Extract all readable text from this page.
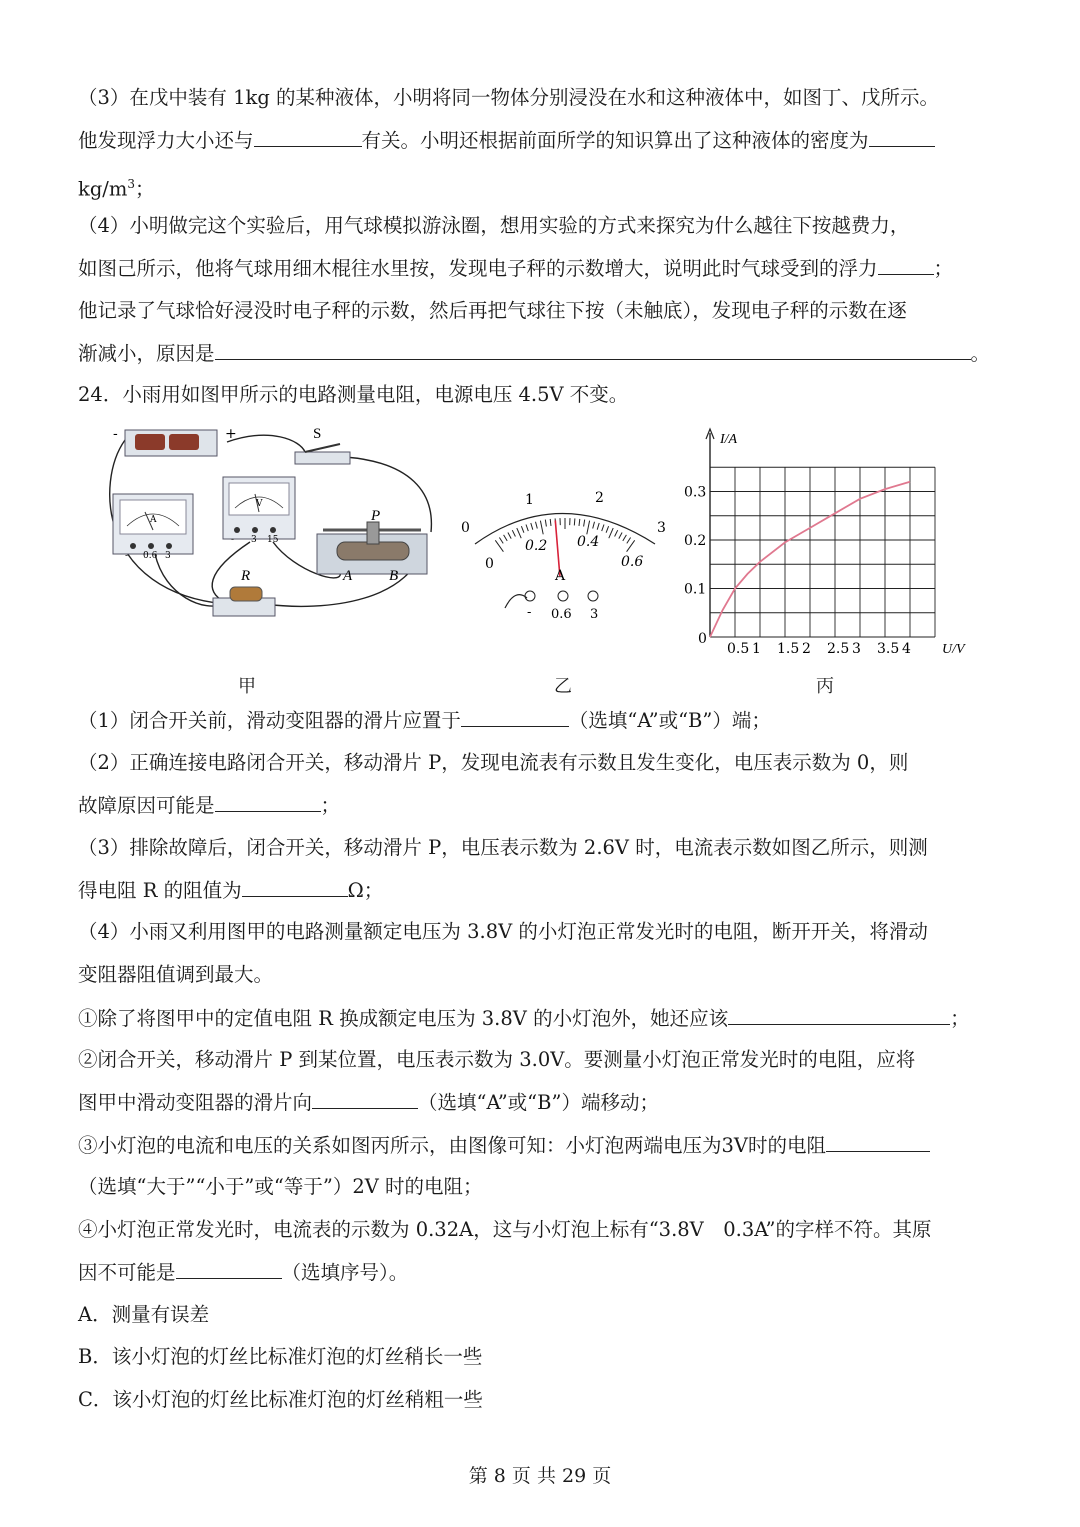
（3）在戊中装有 1kg 的某种液体，小明将同一物体分别浸没在水和这种液体中，如图丁、戊所示。
他发现浮力大小还与	有关。小明还根据前面所学的知识算出了这种液体的密度为
$kg/m^3$；
（4）小明做完这个实验后，用气球模拟游泳圈，想用实验的方式来探究为什么越往下按越费力，
如图己所示，他将气球用细木棍往水里按，发现电子秤的示数增大，说明此时气球受到的浮力	；
他记录了气球恰好浸没时电子秤的示数，然后再把气球往下按（未触底），发现电子秤的示数在逐
渐减小，原因是	。
24．小雨用如图甲所示的电路测量电阻，电源电压 4.5V 不变。
-	+	S
A
- 0.6 3
V
- 3 15
P
A B
R
甲
0
1	2
3
0
0.2 0.4
0.6
A
- 0.6 3
乙
I/A
U/V
0
0.5 1 1.5 2 2.5 3 3.5 4
0.1
0.2
0.3
丙
（1）闭合开关前，滑动变阻器的滑片应置于	（选填“A”或“B”）端；
（2）正确连接电路闭合开关，移动滑片 P，发现电流表有示数且发生变化，电压表示数为 0，则
故障原因可能是	；
（3）排除故障后，闭合开关，移动滑片 P，电压表示数为 2.6V 时，电流表示数如图乙所示，则测
得电阻 R 的阻值为	Ω；
（4）小雨又利用图甲的电路测量额定电压为 3.8V 的小灯泡正常发光时的电阻，断开开关，将滑动
变阻器阻值调到最大。
①除了将图甲中的定值电阻 R 换成额定电压为 3.8V 的小灯泡外，她还应该	；
②闭合开关，移动滑片 P 到某位置，电压表示数为 3.0V。要测量小灯泡正常发光时的电阻，应将
图甲中滑动变阻器的滑片向	（选填“A”或“B”）端移动；
③小灯泡的电流和电压的关系如图丙所示，由图像可知：小灯泡两端电压为3V时的电阻
（选填“大于”“小于”或“等于”）2V 时的电阻；
④小灯泡正常发光时，电流表的示数为 0.32A，这与小灯泡上标有“3.8V　0.3A”的字样不符。其原
因不可能是	（选填序号）。
A．测量有误差
B．该小灯泡的灯丝比标准灯泡的灯丝稍长一些
C．该小灯泡的灯丝比标准灯泡的灯丝稍粗一些
第 8 页 共 29 页
